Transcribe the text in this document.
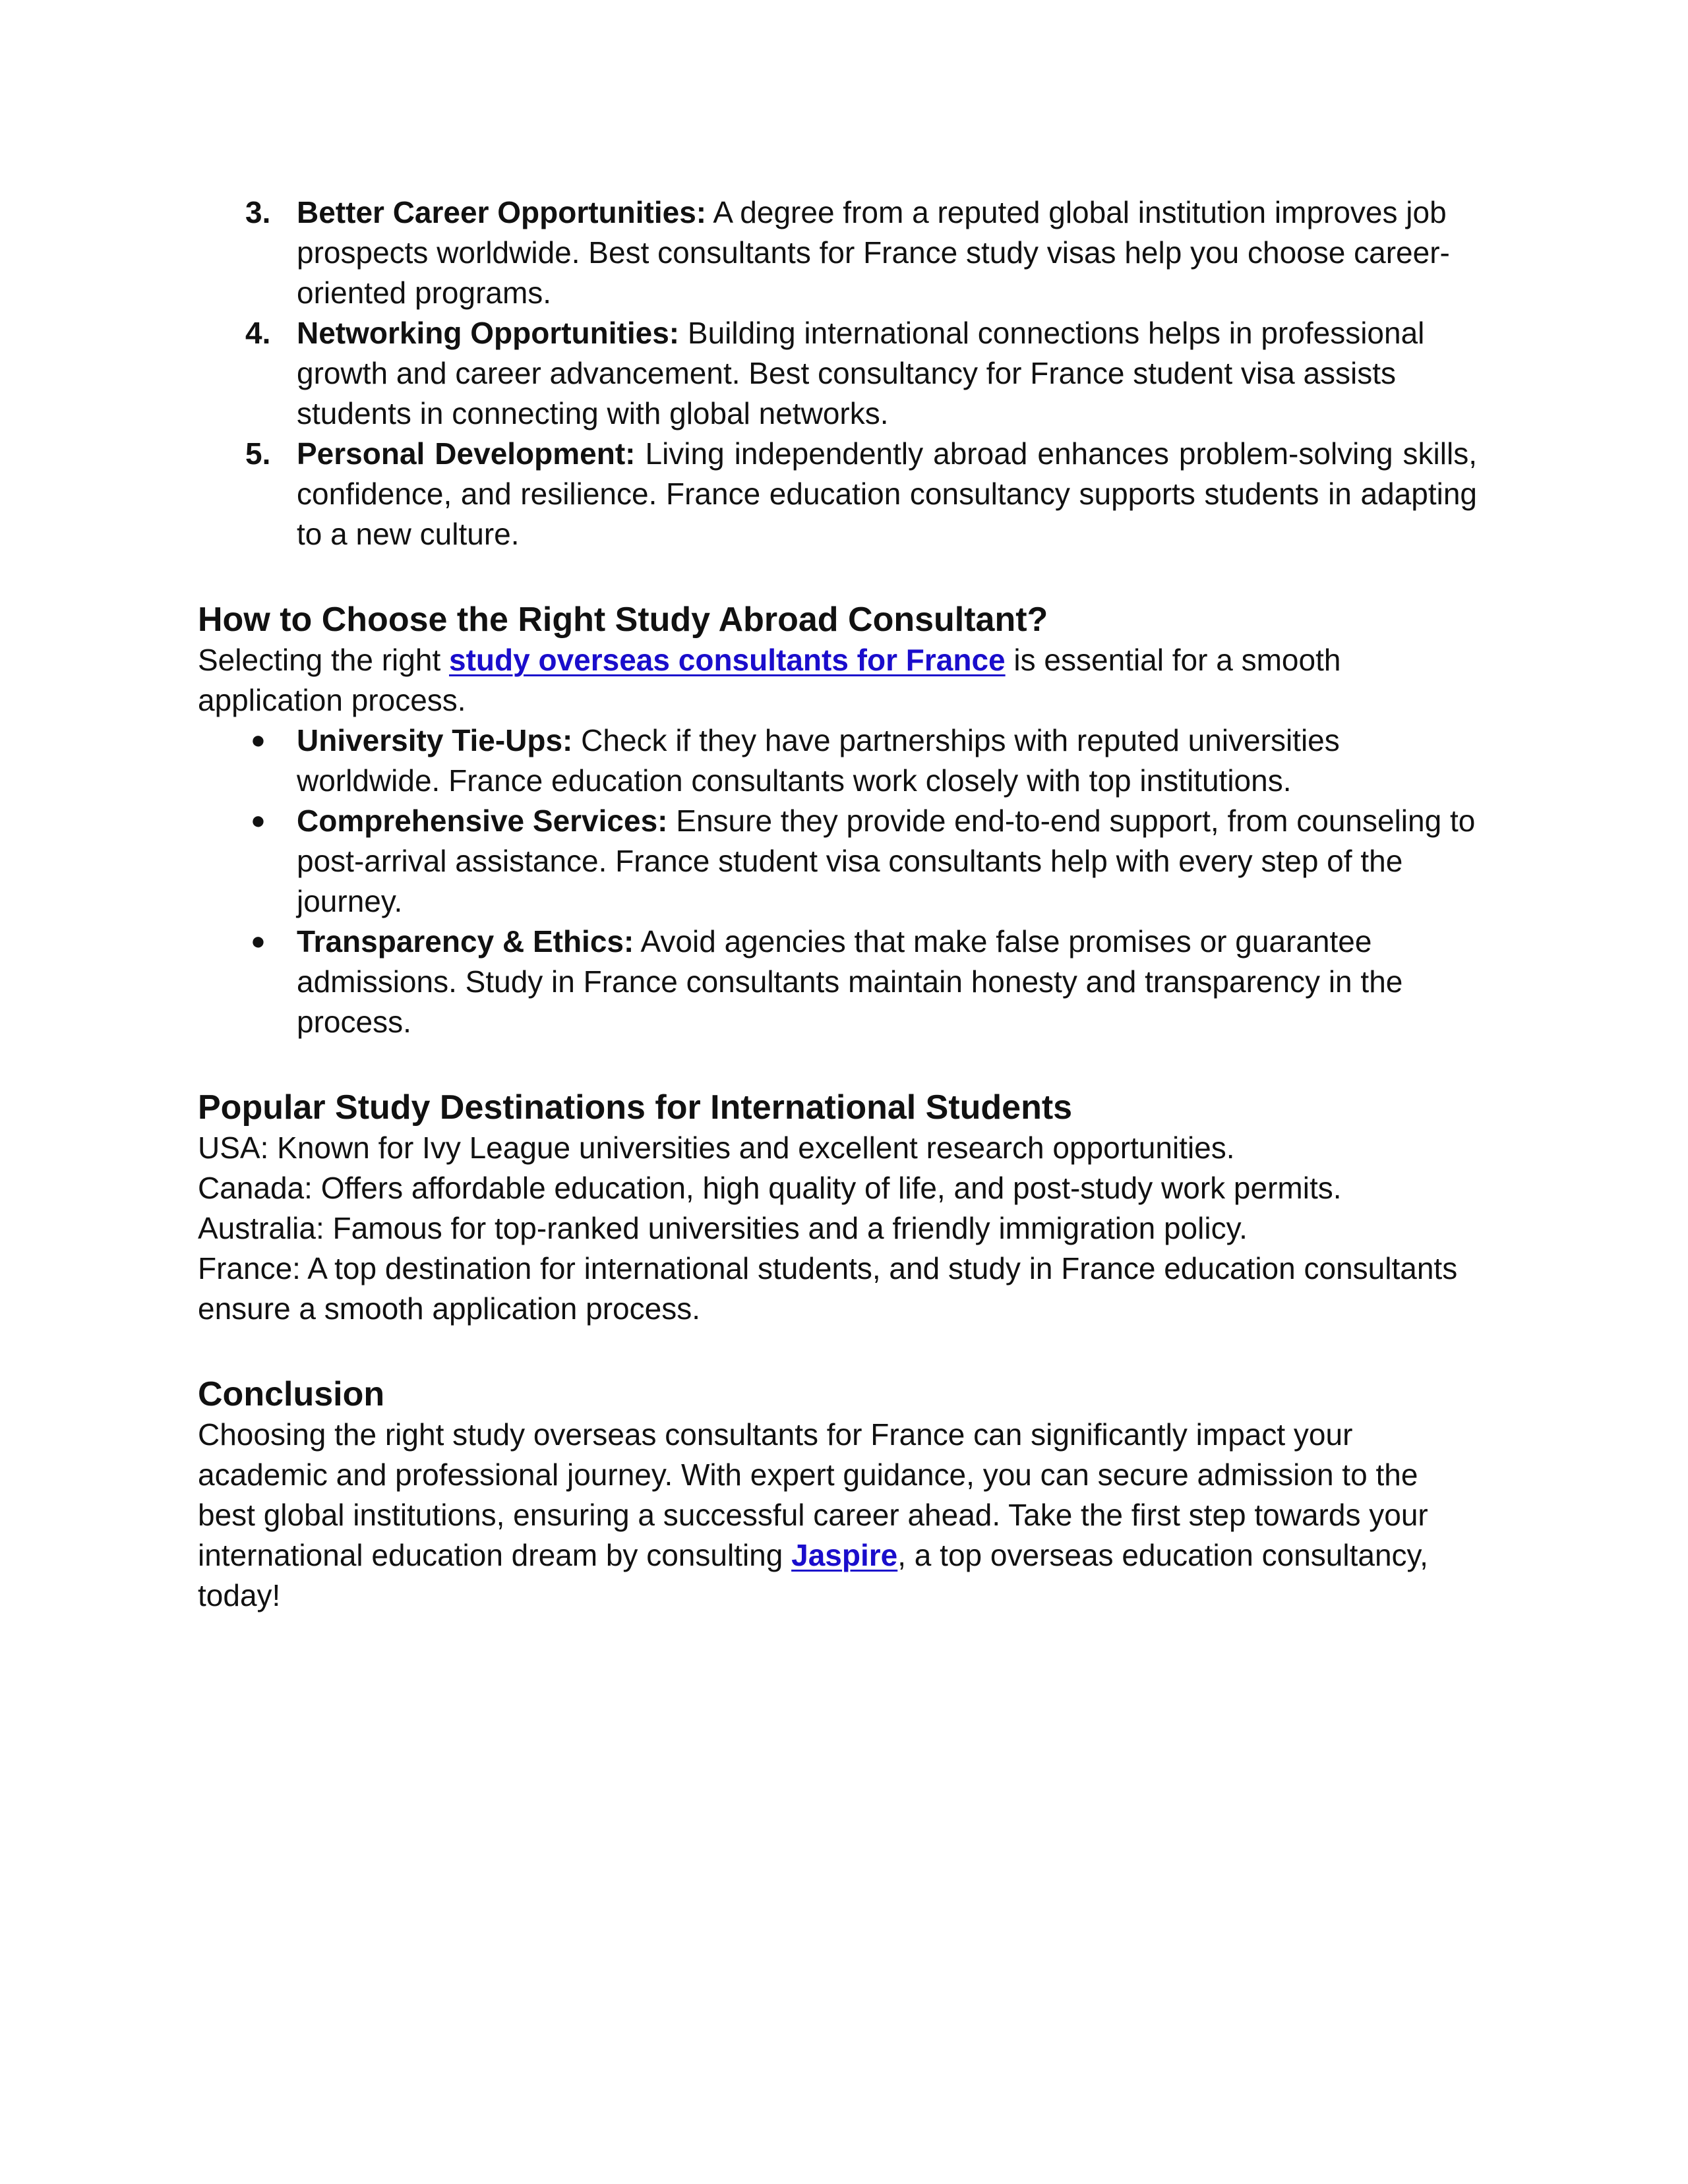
3. Better Career Opportunities: A degree from a reputed global institution improves job prospects worldwide. Best consultants for France study visas help you choose career-oriented programs.
4. Networking Opportunities: Building international connections helps in professional growth and career advancement. Best consultancy for France student visa assists students in connecting with global networks.
5. Personal Development: Living independently abroad enhances problem-solving skills, confidence, and resilience. France education consultancy supports students in adapting to a new culture.
How to Choose the Right Study Abroad Consultant?

Selecting the right study overseas consultants for France is essential for a smooth application process.

● University Tie-Ups: Check if they have partnerships with reputed universities worldwide. France education consultants work closely with top institutions.
● Comprehensive Services: Ensure they provide end-to-end support, from counseling to post-arrival assistance. France student visa consultants help with every step of the journey.
● Transparency & Ethics: Avoid agencies that make false promises or guarantee admissions. Study in France consultants maintain honesty and transparency in the process.
Popular Study Destinations for International Students

USA: Known for Ivy League universities and excellent research opportunities.

Canada: Offers affordable education, high quality of life, and post-study work permits.

Australia: Famous for top-ranked universities and a friendly immigration policy.

France: A top destination for international students, and study in France education consultants ensure a smooth application process.

Conclusion

Choosing the right study overseas consultants for France can significantly impact your academic and professional journey. With expert guidance, you can secure admission to the best global institutions, ensuring a successful career ahead. Take the first step towards your international education dream by consulting Jaspire, a top overseas education consultancy, today!
